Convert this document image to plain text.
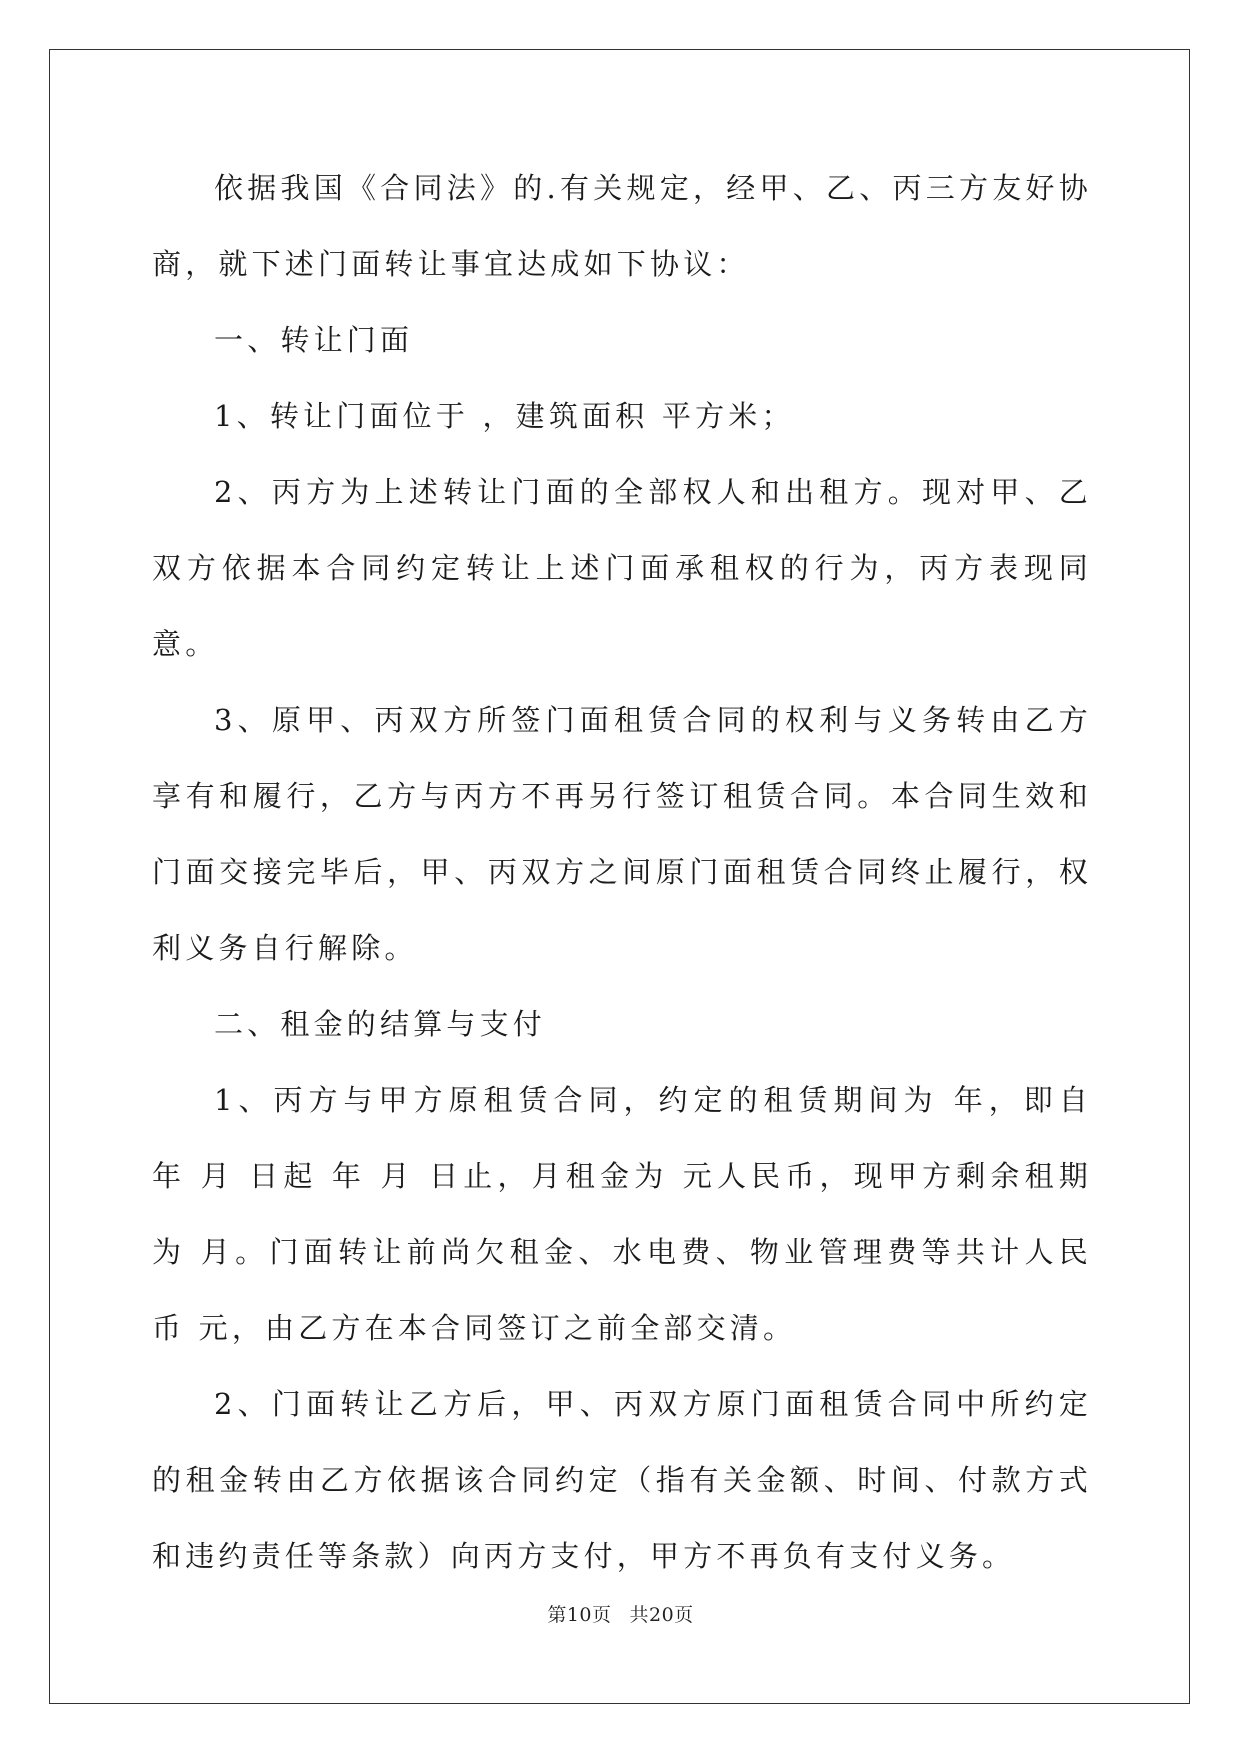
依据我国《合同法》的.有关规定，经甲、乙、丙三方友好协商，就下述门面转让事宜达成如下协议：

一、转让门面

1、转让门面位于 ，建筑面积 平方米；

2、丙方为上述转让门面的全部权人和出租方。现对甲、乙双方依据本合同约定转让上述门面承租权的行为，丙方表现同意。

3、原甲、丙双方所签门面租赁合同的权利与义务转由乙方享有和履行，乙方与丙方不再另行签订租赁合同。本合同生效和门面交接完毕后，甲、丙双方之间原门面租赁合同终止履行，权利义务自行解除。

二、租金的结算与支付

1、丙方与甲方原租赁合同，约定的租赁期间为 年，即自 年 月 日起 年 月 日止，月租金为 元人民币，现甲方剩余租期为 月。门面转让前尚欠租金、水电费、物业管理费等共计人民币 元，由乙方在本合同签订之前全部交清。

2、门面转让乙方后，甲、丙双方原门面租赁合同中所约定的租金转由乙方依据该合同约定（指有关金额、时间、付款方式和违约责任等条款）向丙方支付，甲方不再负有支付义务。

第10页 共20页
